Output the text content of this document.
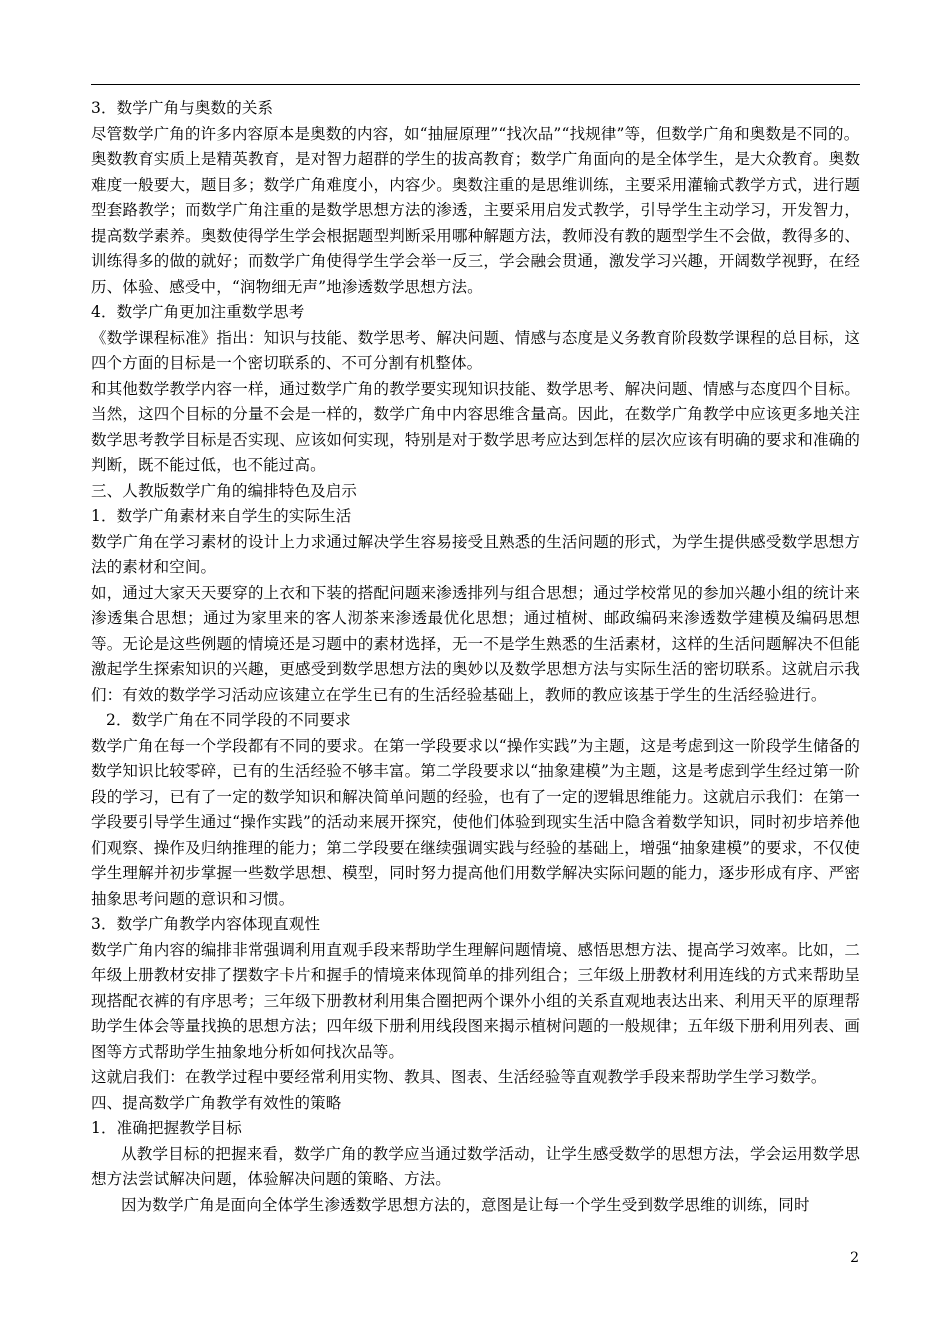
3．数学广角与奥数的关系

尽管数学广角的许多内容原本是奥数的内容，如“抽屉原理”“找次品”“找规律”等，但数学广角和奥数是不同的。

奥数教育实质上是精英教育，是对智力超群的学生的拔高教育；数学广角面向的是全体学生，是大众教育。奥数难度一般要大，题目多；数学广角难度小，内容少。奥数注重的是思维训练，主要采用灌输式教学方式，进行题型套路教学；而数学广角注重的是数学思想方法的渗透，主要采用启发式教学，引导学生主动学习，开发智力，提高数学素养。奥数使得学生学会根据题型判断采用哪种解题方法，教师没有教的题型学生不会做，教得多的、训练得多的做的就好；而数学广角使得学生学会举一反三，学会融会贯通，激发学习兴趣，开阔数学视野，在经历、体验、感受中，“润物细无声”地渗透数学思想方法。

4．数学广角更加注重数学思考

《数学课程标准》指出：知识与技能、数学思考、解决问题、情感与态度是义务教育阶段数学课程的总目标，这四个方面的目标是一个密切联系的、不可分割有机整体。

和其他数学教学内容一样，通过数学广角的教学要实现知识技能、数学思考、解决问题、情感与态度四个目标。当然，这四个目标的分量不会是一样的，数学广角中内容思维含量高。因此，在数学广角教学中应该更多地关注数学思考教学目标是否实现、应该如何实现，特别是对于数学思考应达到怎样的层次应该有明确的要求和准确的判断，既不能过低，也不能过高。

三、人教版数学广角的编排特色及启示

1．数学广角素材来自学生的实际生活

数学广角在学习素材的设计上力求通过解决学生容易接受且熟悉的生活问题的形式，为学生提供感受数学思想方法的素材和空间。

如，通过大家天天要穿的上衣和下装的搭配问题来渗透排列与组合思想；通过学校常见的参加兴趣小组的统计来渗透集合思想；通过为家里来的客人沏茶来渗透最优化思想；通过植树、邮政编码来渗透数学建模及编码思想等。无论是这些例题的情境还是习题中的素材选择，无一不是学生熟悉的生活素材，这样的生活问题解决不但能激起学生探索知识的兴趣，更感受到数学思想方法的奥妙以及数学思想方法与实际生活的密切联系。这就启示我们：有效的数学学习活动应该建立在学生已有的生活经验基础上，教师的教应该基于学生的生活经验进行。

2．数学广角在不同学段的不同要求

数学广角在每一个学段都有不同的要求。在第一学段要求以“操作实践”为主题，这是考虑到这一阶段学生储备的数学知识比较零碎，已有的生活经验不够丰富。第二学段要求以“抽象建模”为主题，这是考虑到学生经过第一阶段的学习，已有了一定的数学知识和解决简单问题的经验，也有了一定的逻辑思维能力。这就启示我们：在第一学段要引导学生通过“操作实践”的活动来展开探究，使他们体验到现实生活中隐含着数学知识，同时初步培养他们观察、操作及归纳推理的能力；第二学段要在继续强调实践与经验的基础上，增强“抽象建模”的要求，不仅使学生理解并初步掌握一些数学思想、模型，同时努力提高他们用数学解决实际问题的能力，逐步形成有序、严密抽象思考问题的意识和习惯。

3．数学广角教学内容体现直观性

数学广角内容的编排非常强调利用直观手段来帮助学生理解问题情境、感悟思想方法、提高学习效率。比如，二年级上册教材安排了摆数字卡片和握手的情境来体现简单的排列组合；三年级上册教材利用连线的方式来帮助呈现搭配衣裤的有序思考；三年级下册教材利用集合圈把两个课外小组的关系直观地表达出来、利用天平的原理帮助学生体会等量找换的思想方法；四年级下册利用线段图来揭示植树问题的一般规律；五年级下册利用列表、画图等方式帮助学生抽象地分析如何找次品等。

这就启我们：在教学过程中要经常利用实物、教具、图表、生活经验等直观教学手段来帮助学生学习数学。

四、提高数学广角教学有效性的策略

1．准确把握教学目标

从教学目标的把握来看，数学广角的教学应当通过数学活动，让学生感受数学的思想方法，学会运用数学思想方法尝试解决问题，体验解决问题的策略、方法。

因为数学广角是面向全体学生渗透数学思想方法的，意图是让每一个学生受到数学思维的训练，同时

2
